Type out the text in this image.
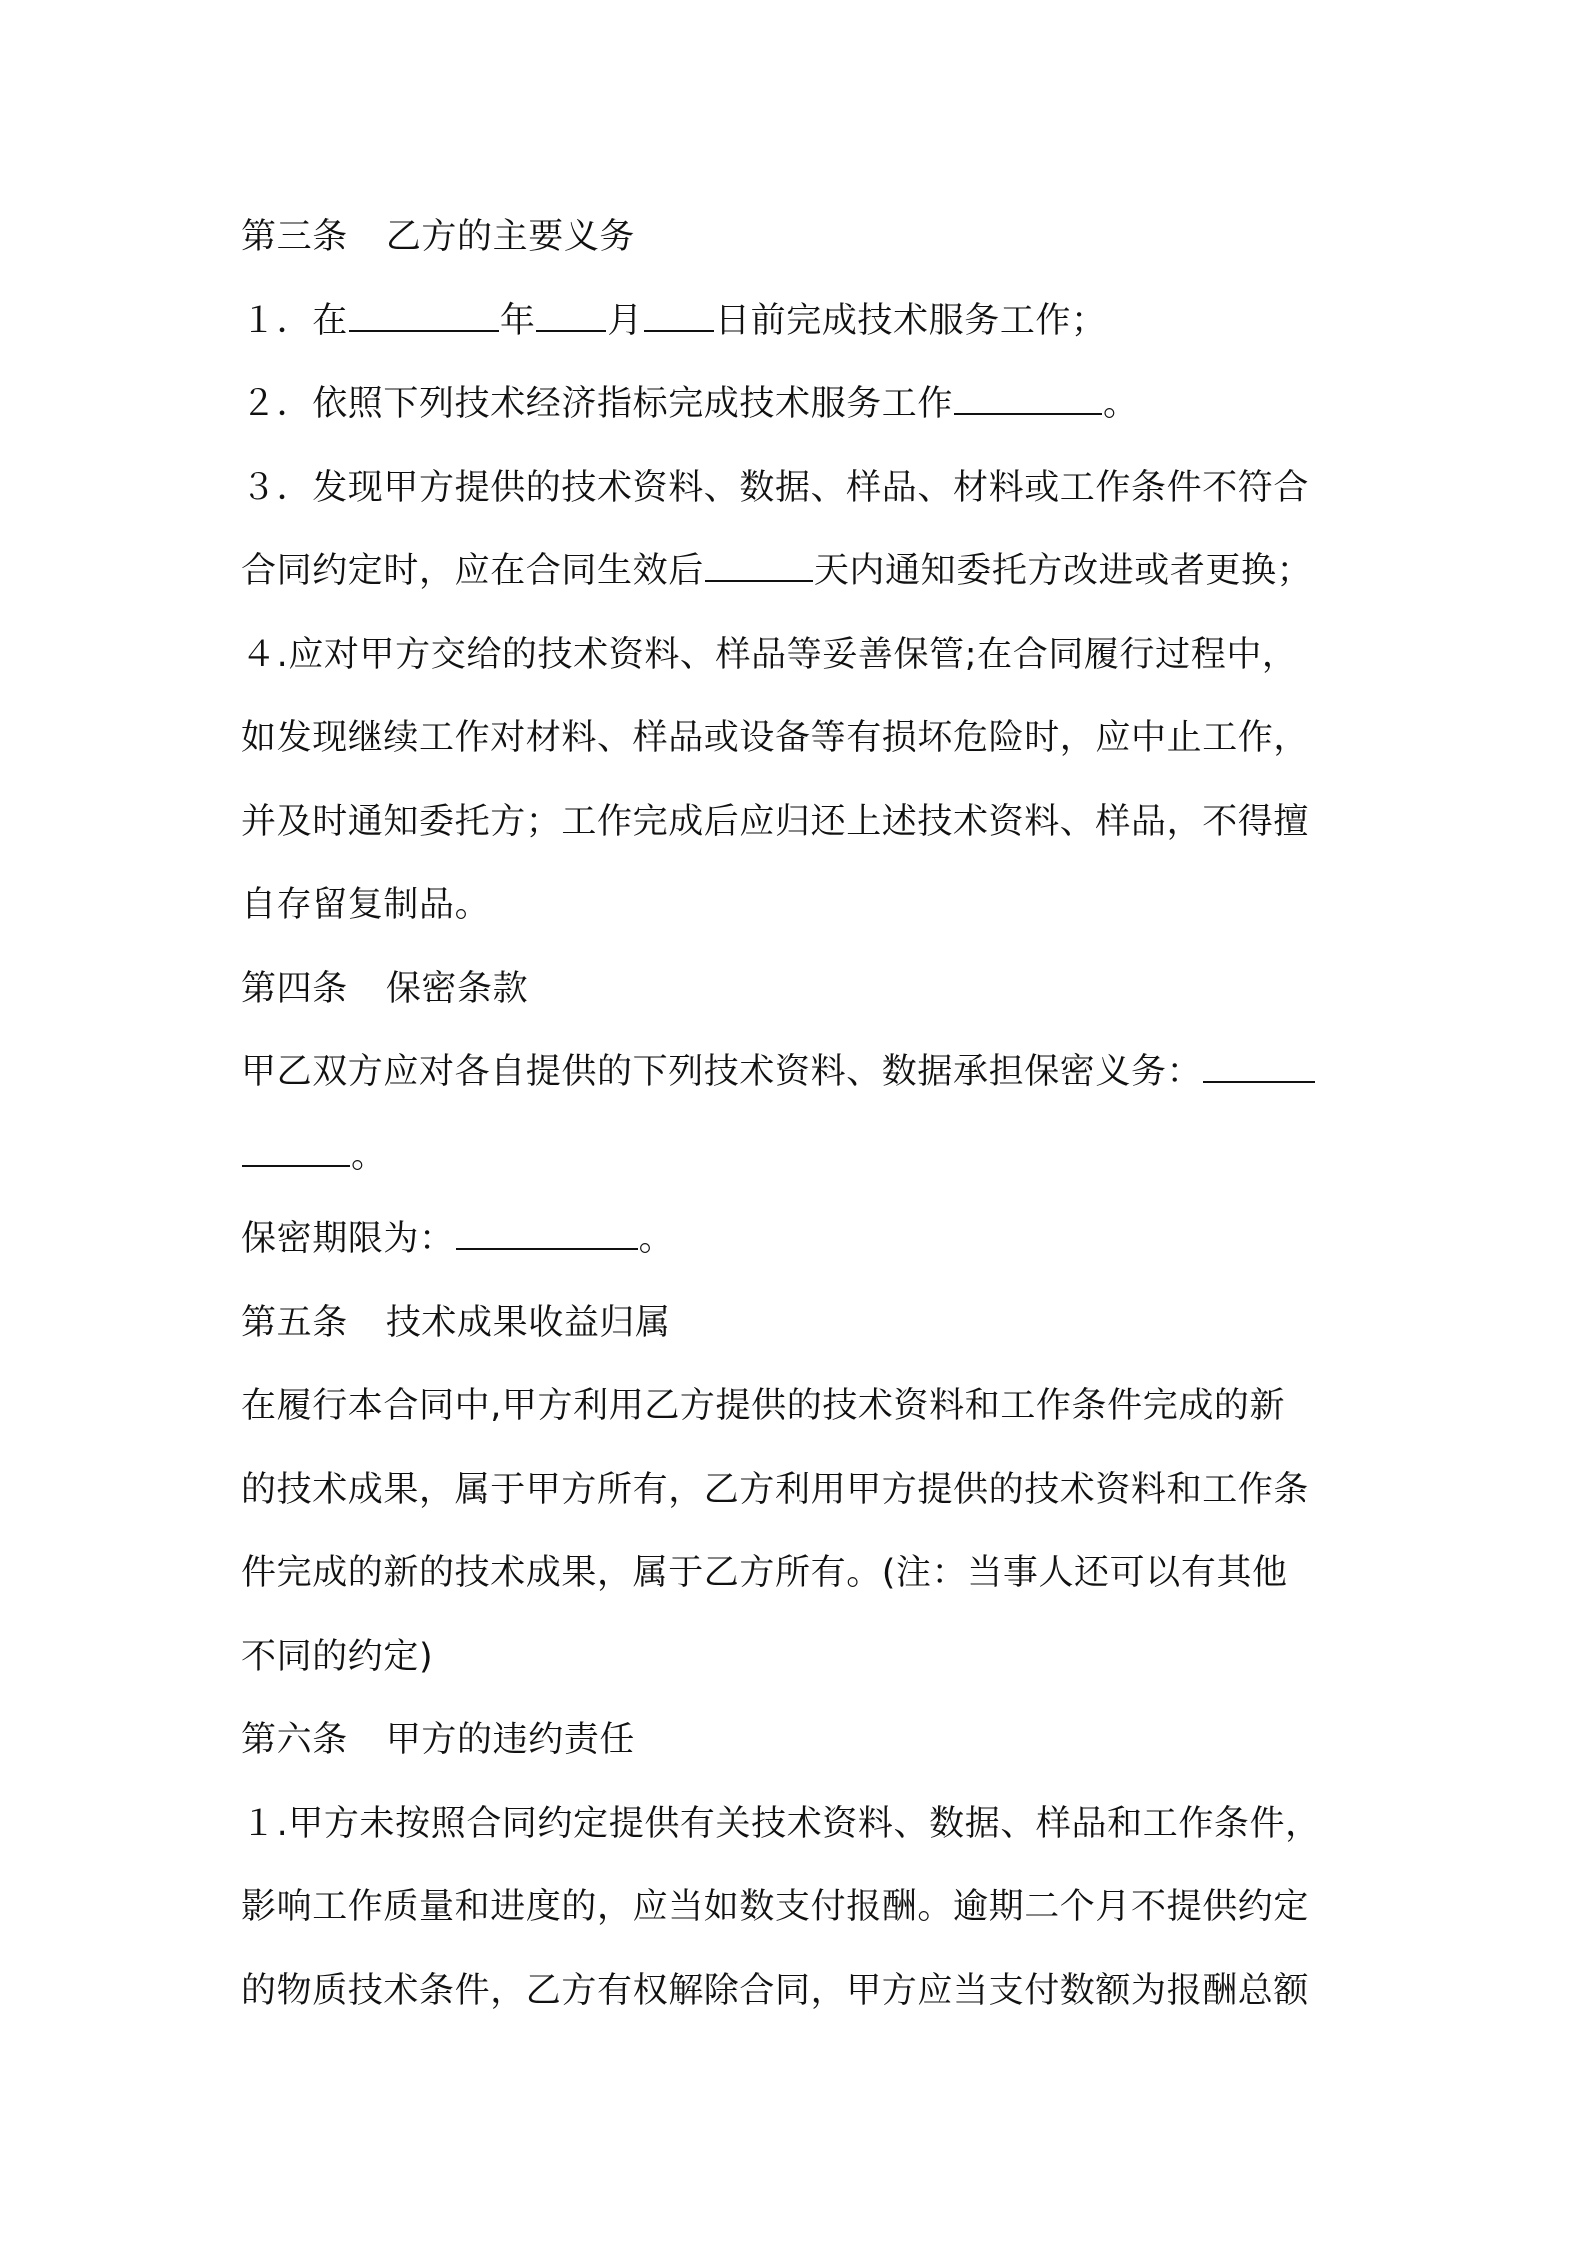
第三条 乙方的主要义务
１．在	年 月 日前完成技术服务工作；
２．依照下列技术经济指标完成技术服务工作	。
３．发现甲方提供的技术资料、数据、样品、材料或工作条件不符合
合同约定时，应在合同生效后	天内通知委托方改进或者更换；
４.应对甲方交给的技术资料、样品等妥善保管;在合同履行过程中，
如发现继续工作对材料、样品或设备等有损坏危险时，应中止工作，
并及时通知委托方；工作完成后应归还上述技术资料、样品，不得擅
自存留复制品。
第四条 保密条款
甲乙双方应对各自提供的下列技术资料、数据承担保密义务：
。
保密期限为：	。
第五条 技术成果收益归属
在履行本合同中,甲方利用乙方提供的技术资料和工作条件完成的新
的技术成果，属于甲方所有，乙方利用甲方提供的技术资料和工作条
件完成的新的技术成果，属于乙方所有。(注：当事人还可以有其他
不同的约定)
第六条 甲方的违约责任
１.甲方未按照合同约定提供有关技术资料、数据、样品和工作条件，
影响工作质量和进度的，应当如数支付报酬。逾期二个月不提供约定
的物质技术条件，乙方有权解除合同，甲方应当支付数额为报酬总额
